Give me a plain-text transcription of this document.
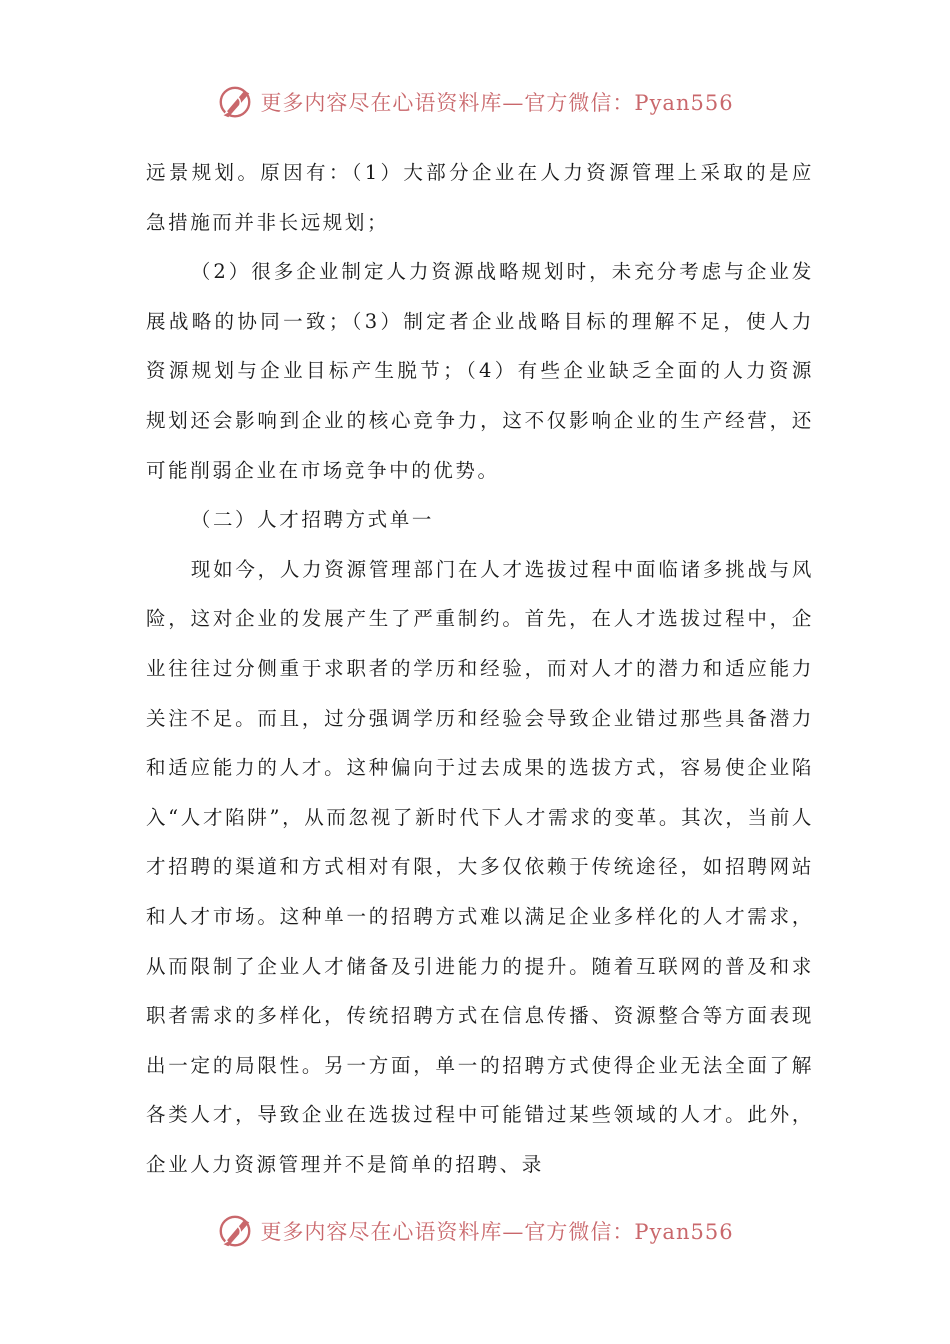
更多内容尽在心语资料库—官方微信：Pyan556

远景规划。原因有：（1）大部分企业在人力资源管理上采取的是应急措施而并非长远规划；

（2）很多企业制定人力资源战略规划时，未充分考虑与企业发展战略的协同一致；（3）制定者企业战略目标的理解不足，使人力资源规划与企业目标产生脱节；（4）有些企业缺乏全面的人力资源规划还会影响到企业的核心竞争力，这不仅影响企业的生产经营，还可能削弱企业在市场竞争中的优势。

（二）人才招聘方式单一

现如今，人力资源管理部门在人才选拔过程中面临诸多挑战与风险，这对企业的发展产生了严重制约。首先，在人才选拔过程中，企业往往过分侧重于求职者的学历和经验，而对人才的潜力和适应能力关注不足。而且，过分强调学历和经验会导致企业错过那些具备潜力和适应能力的人才。这种偏向于过去成果的选拔方式，容易使企业陷入“人才陷阱”，从而忽视了新时代下人才需求的变革。其次，当前人才招聘的渠道和方式相对有限，大多仅依赖于传统途径，如招聘网站和人才市场。这种单一的招聘方式难以满足企业多样化的人才需求，从而限制了企业人才储备及引进能力的提升。随着互联网的普及和求职者需求的多样化，传统招聘方式在信息传播、资源整合等方面表现出一定的局限性。另一方面，单一的招聘方式使得企业无法全面了解各类人才，导致企业在选拔过程中可能错过某些领域的人才。此外，企业人力资源管理并不是简单的招聘、录

更多内容尽在心语资料库—官方微信：Pyan556
